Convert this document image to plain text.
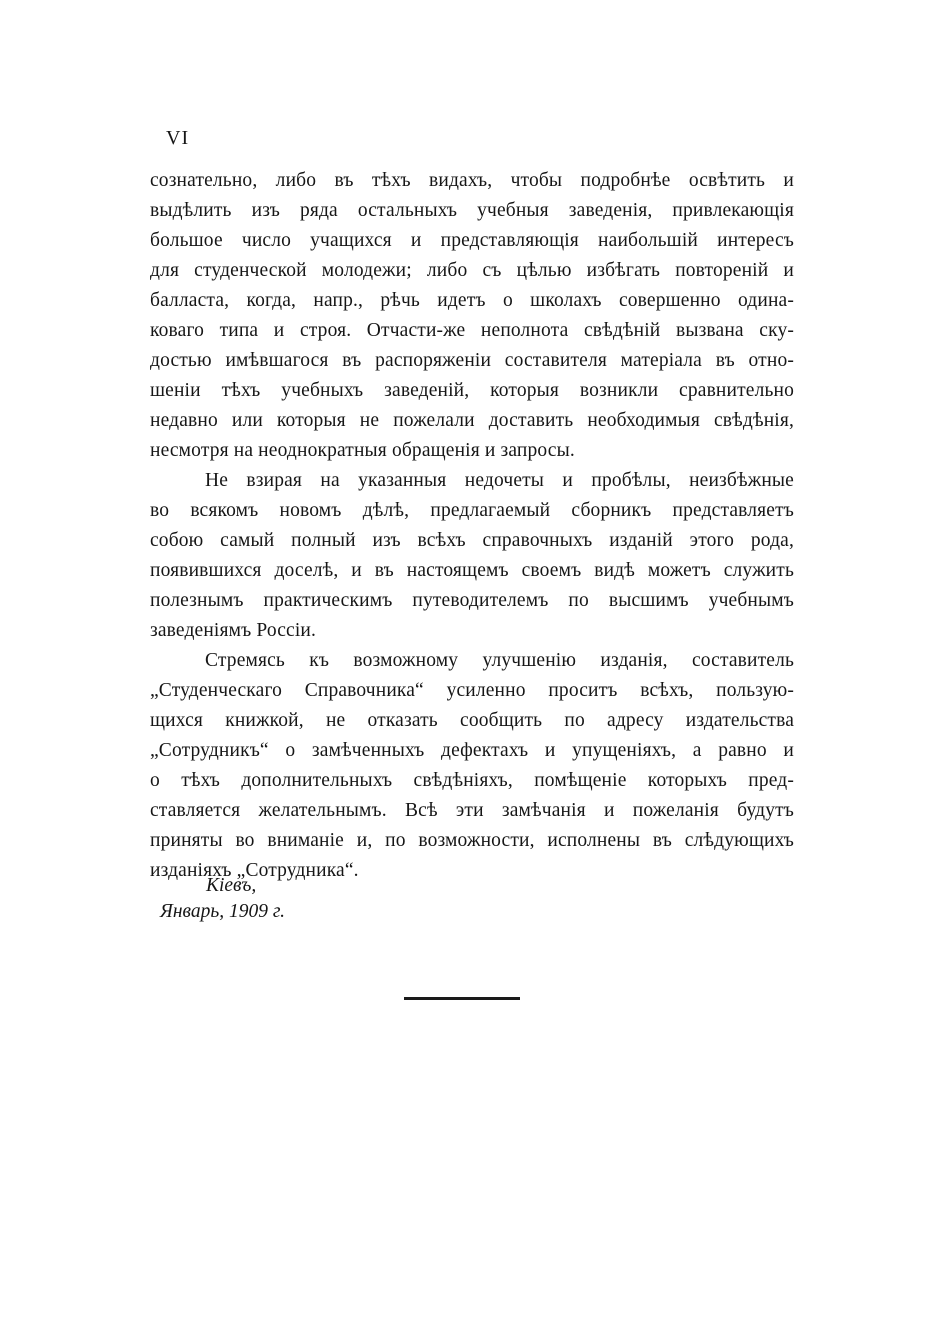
VI
сознательно, либо въ тѣхъ видахъ, чтобы подробнѣе освѣтить и
выдѣлить изъ ряда остальныхъ учебныя заведенія, привлекающія
большое число учащихся и представляющія наибольшій интересъ
для студенческой молодежи; либо съ цѣлью избѣгать повтореній и
балласта, когда, напр., рѣчь идетъ о школахъ совершенно одина-
коваго типа и строя. Отчасти-же неполнота свѣдѣній вызвана ску-
достью имѣвшагося въ распоряженіи составителя матеріала въ отно-
шеніи тѣхъ учебныхъ заведеній, которыя возникли сравнительно
недавно или которыя не пожелали доставить необходимыя свѣдѣнія,
несмотря на неоднократныя обращенія и запросы.
Не взирая на указанныя недочеты и пробѣлы, неизбѣжные
во всякомъ новомъ дѣлѣ, предлагаемый сборникъ представляетъ
собою самый полный изъ всѣхъ справочныхъ изданій этого рода,
появившихся доселѣ, и въ настоящемъ своемъ видѣ можетъ служить
полезнымъ практическимъ путеводителемъ по высшимъ учебнымъ
заведеніямъ Россіи.
Стремясь къ возможному улучшенію изданія, составитель
„Студенческаго Справочника“ усиленно проситъ всѣхъ, пользую-
щихся книжкой, не отказать сообщить по адресу издательства
„Сотрудникъ“ о замѣченныхъ дефектахъ и упущеніяхъ, а равно и
о тѣхъ дополнительныхъ свѣдѣніяхъ, помѣщеніе которыхъ пред-
ставляется желательнымъ. Всѣ эти замѣчанія и пожеланія будутъ
приняты во вниманіе и, по возможности, исполнены въ слѣдующихъ
изданіяхъ „Сотрудника“.
Кіевъ,
Январь, 1909 г.
